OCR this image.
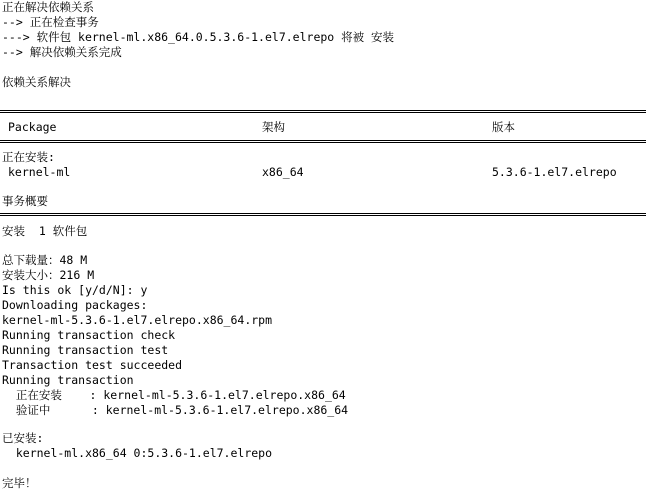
正在解决依赖关系
--> 正在检查事务
---> 软件包 kernel-ml.x86_64.0.5.3.6-1.el7.elrepo 将被 安装
--> 解决依赖关系完成
依赖关系解决
Package	架构	版本
正在安装:
kernel-ml	x86_64	5.3.6-1.el7.elrepo
事务概要
安装  1 软件包
总下载量：48 M
安装大小：216 M
Is this ok [y/d/N]: y
Downloading packages:
kernel-ml-5.3.6-1.el7.elrepo.x86_64.rpm
Running transaction check
Running transaction test
Transaction test succeeded
Running transaction
正在安装    : kernel-ml-5.3.6-1.el7.elrepo.x86_64
验证中      : kernel-ml-5.3.6-1.el7.elrepo.x86_64
已安装:
kernel-ml.x86_64 0:5.3.6-1.el7.elrepo
完毕！
